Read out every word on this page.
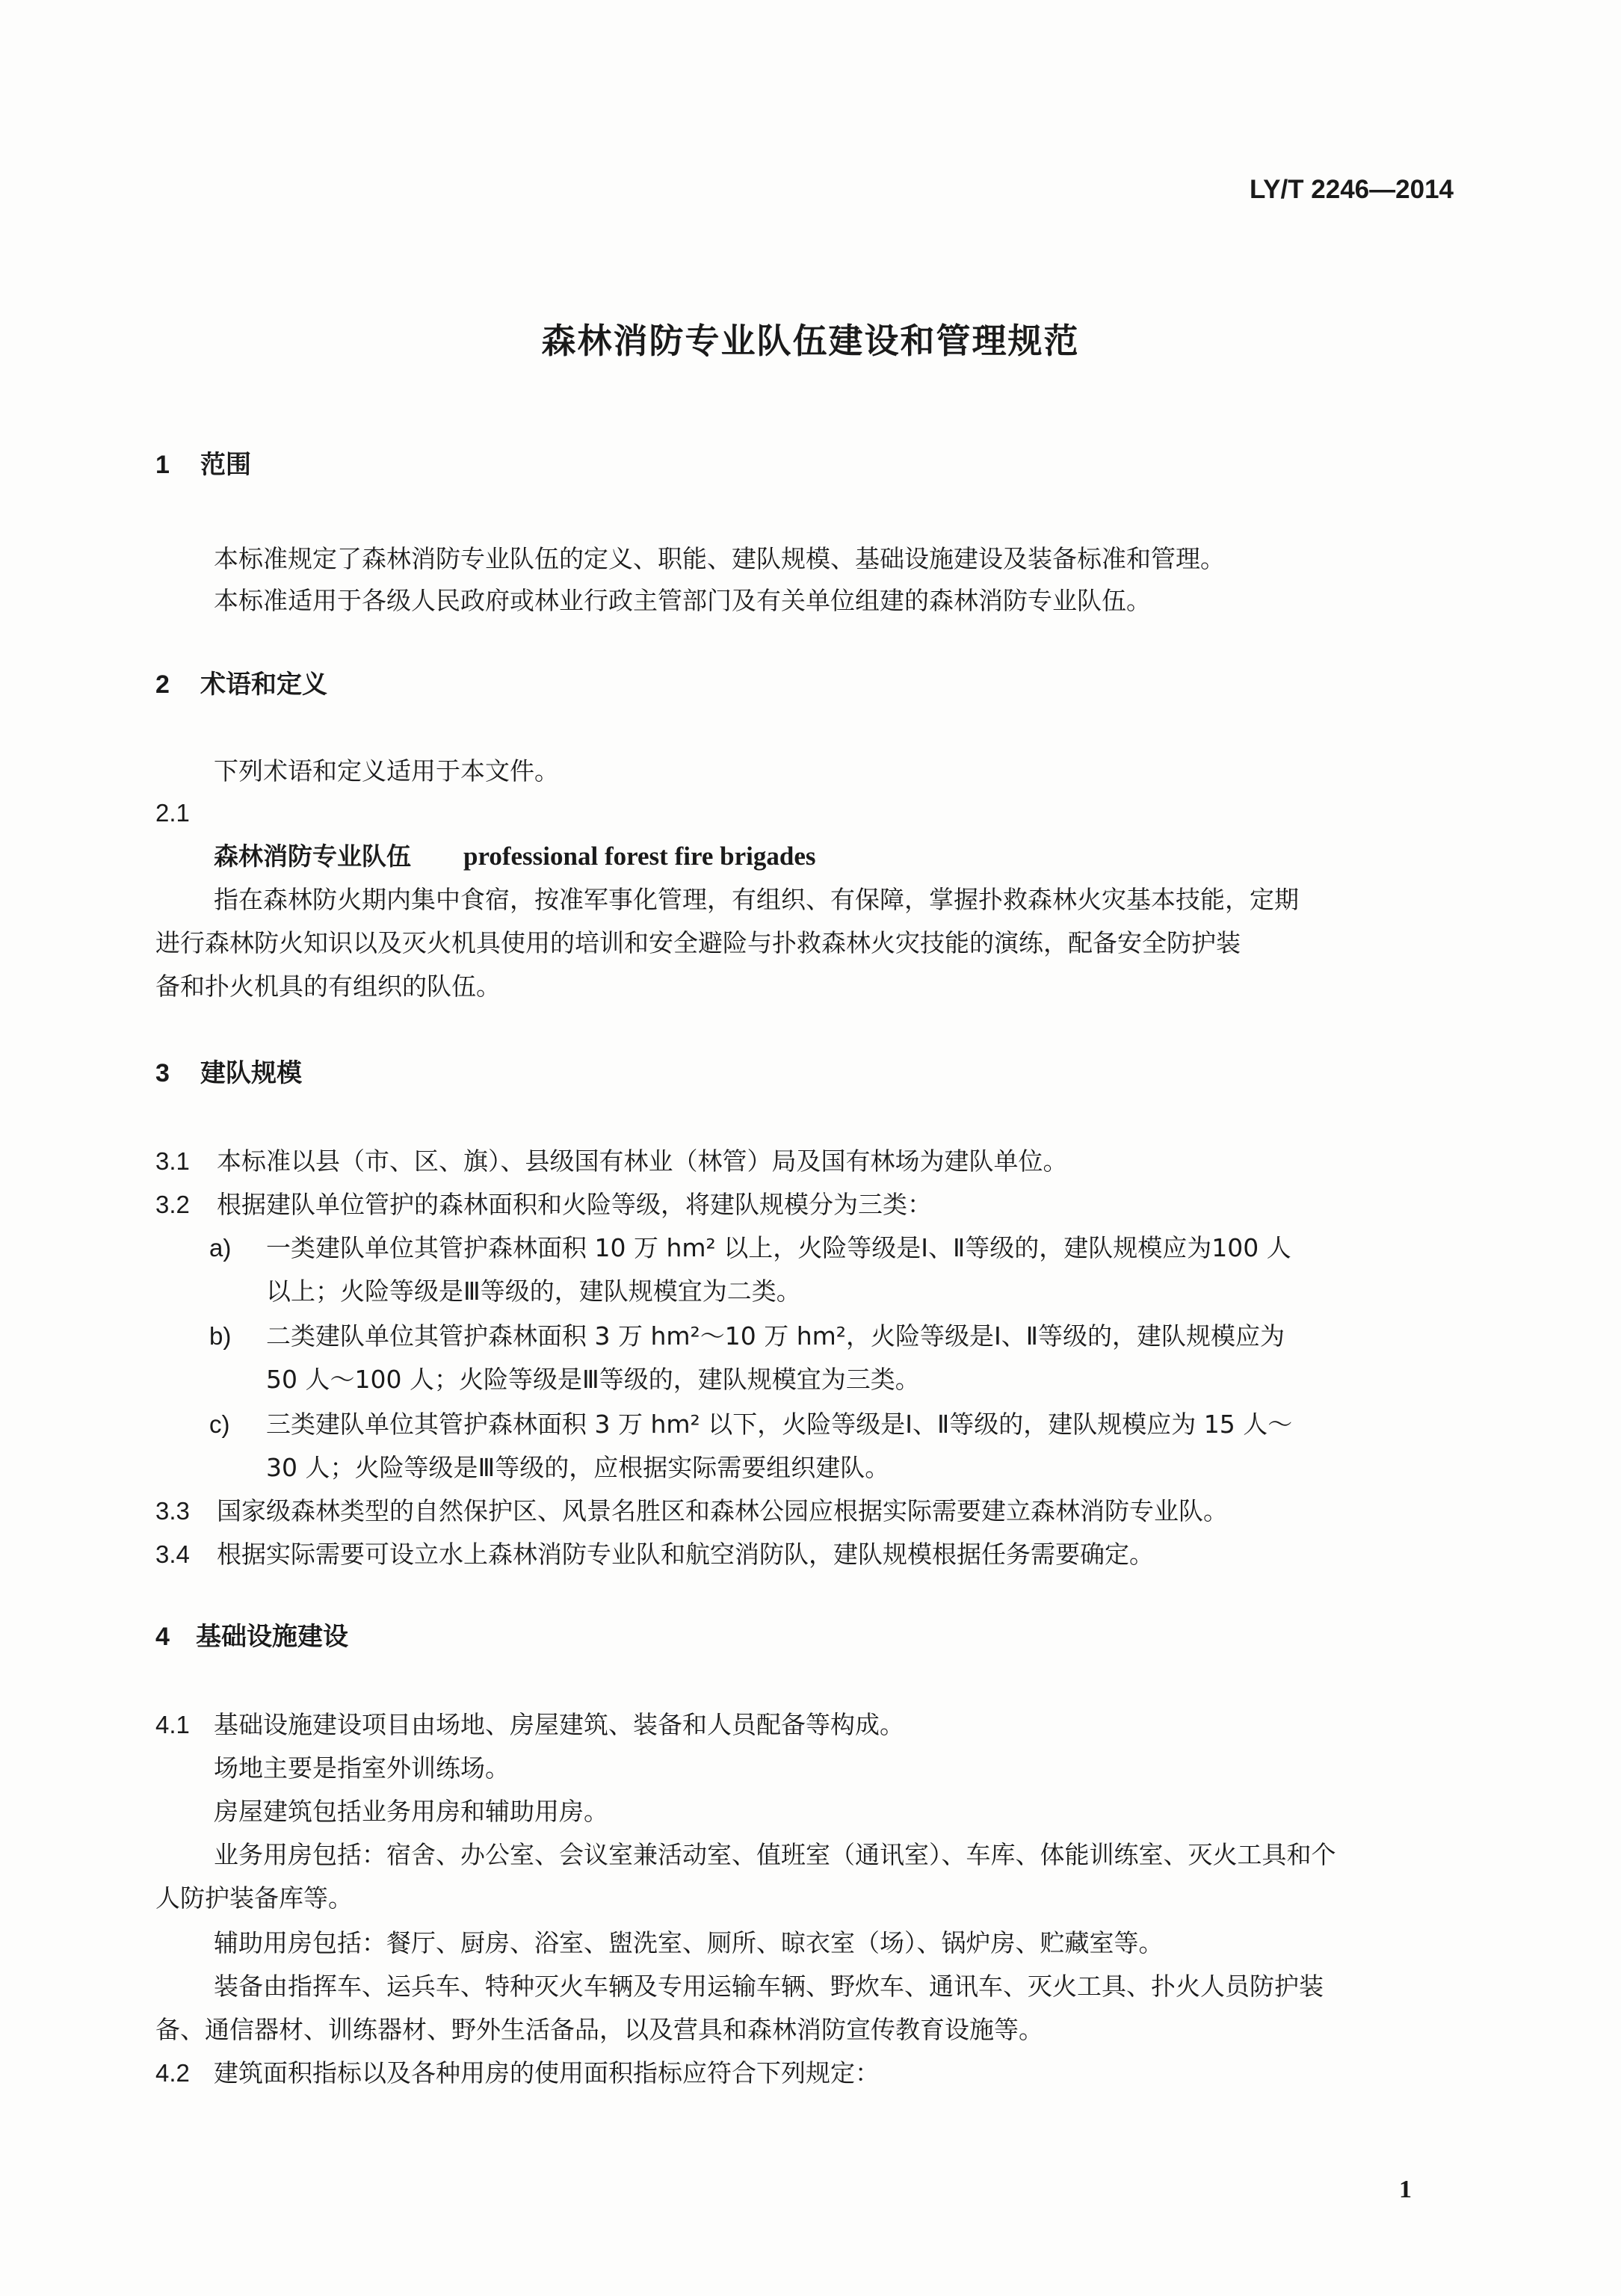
LY/T 2246—2014
森林消防专业队伍建设和管理规范
1 范围
本标准规定了森林消防专业队伍的定义、职能、建队规模、基础设施建设及装备标准和管理。
本标准适用于各级人民政府或林业行政主管部门及有关单位组建的森林消防专业队伍。
2 术语和定义
下列术语和定义适用于本文件。
2.1
森林消防专业队伍 professional forest fire brigades
指在森林防火期内集中食宿，按准军事化管理，有组织、有保障，掌握扑救森林火灾基本技能，定期
进行森林防火知识以及灭火机具使用的培训和安全避险与扑救森林火灾技能的演练，配备安全防护装
备和扑火机具的有组织的队伍。
3 建队规模
3.1 本标准以县（市、区、旗）、县级国有林业（林管）局及国有林场为建队单位。
3.2 根据建队单位管护的森林面积和火险等级，将建队规模分为三类：
a) 一类建队单位其管护森林面积 10 万 hm² 以上，火险等级是Ⅰ、Ⅱ等级的，建队规模应为100 人
以上；火险等级是Ⅲ等级的，建队规模宜为二类。
b) 二类建队单位其管护森林面积 3 万 hm²～10 万 hm²，火险等级是Ⅰ、Ⅱ等级的，建队规模应为
50 人～100 人；火险等级是Ⅲ等级的，建队规模宜为三类。
c) 三类建队单位其管护森林面积 3 万 hm² 以下，火险等级是Ⅰ、Ⅱ等级的，建队规模应为 15 人～
30 人；火险等级是Ⅲ等级的，应根据实际需要组织建队。
3.3 国家级森林类型的自然保护区、风景名胜区和森林公园应根据实际需要建立森林消防专业队。
3.4 根据实际需要可设立水上森林消防专业队和航空消防队，建队规模根据任务需要确定。
4 基础设施建设
4.1 基础设施建设项目由场地、房屋建筑、装备和人员配备等构成。
场地主要是指室外训练场。
房屋建筑包括业务用房和辅助用房。
业务用房包括：宿舍、办公室、会议室兼活动室、值班室（通讯室）、车库、体能训练室、灭火工具和个
人防护装备库等。
辅助用房包括：餐厅、厨房、浴室、盥洗室、厕所、晾衣室（场）、锅炉房、贮藏室等。
装备由指挥车、运兵车、特种灭火车辆及专用运输车辆、野炊车、通讯车、灭火工具、扑火人员防护装
备、通信器材、训练器材、野外生活备品，以及营具和森林消防宣传教育设施等。
4.2 建筑面积指标以及各种用房的使用面积指标应符合下列规定：
1
